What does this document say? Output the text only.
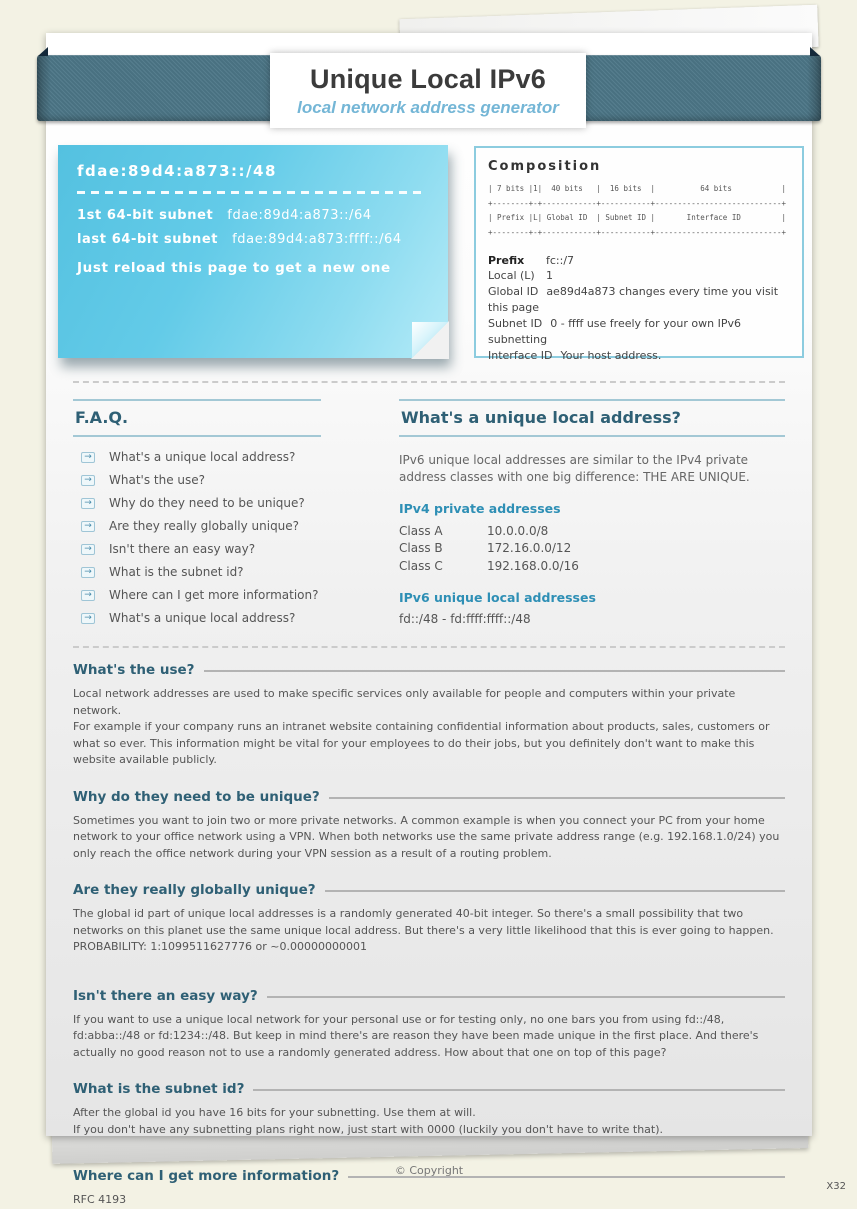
Unique Local IPv6
local network address generator
fdae:89d4:a873::/48
1st 64-bit subnet fdae:89d4:a873::/64
last 64-bit subnet fdae:89d4:a873:ffff::/64
Just reload this page to get a new one
Composition
| 7 bits |1|  40 bits   |  16 bits  |          64 bits           |
+--------+-+------------+-----------+----------------------------+
| Prefix |L| Global ID  | Subnet ID |       Interface ID         |
+--------+-+------------+-----------+----------------------------+
Prefix fc::/7
Local (L) 1
Global ID ae89d4a873 changes every time you visit this page
Subnet ID 0 - ffff use freely for your own IPv6 subnetting
Interface ID Your host address.
F.A.Q.
→ What's a unique local address?
→ What's the use?
→ Why do they need to be unique?
→ Are they really globally unique?
→ Isn't there an easy way?
→ What is the subnet id?
→ Where can I get more information?
→ What's a unique local address?
What's a unique local address?

IPv6 unique local addresses are similar to the IPv4 private address classes with one big difference: THE ARE UNIQUE.

IPv4 private addresses
Class A	10.0.0.0/8
Class B	172.16.0.0/12
Class C	192.168.0.0/16
IPv6 unique local addresses
fd::/48 - fd:ffff:ffff::/48
What's the use?

Local network addresses are used to make specific services only available for people and computers within your private network.

For example if your company runs an intranet website containing confidential information about products, sales, customers or what so ever. This information might be vital for your employees to do their jobs, but you definitely don't want to make this website available publicly.

Why do they need to be unique?

Sometimes you want to join two or more private networks. A common example is when you connect your PC from your home network to your office network using a VPN. When both networks use the same private address range (e.g. 192.168.1.0/24) you only reach the office network during your VPN session as a result of a routing problem.

Are they really globally unique?

The global id part of unique local addresses is a randomly generated 40-bit integer. So there's a small possibility that two networks on this planet use the same unique local address. But there's a very little likelihood that this is ever going to happen. PROBABILITY: 1:1099511627776 or ~0.00000000001

Isn't there an easy way?

If you want to use a unique local network for your personal use or for testing only, no one bars you from using fd::/48, fd:abba::/48 or fd:1234::/48. But keep in mind there's are reason they have been made unique in the first place. And there's actually no good reason not to use a randomly generated address. How about that one on top of this page?

What is the subnet id?

After the global id you have 16 bits for your subnetting. Use them at will.

If you don't have any subnetting plans right now, just start with 0000 (luckily you don't have to write that).

Where can I get more information?

RFC 4193

© Copyright
X32
